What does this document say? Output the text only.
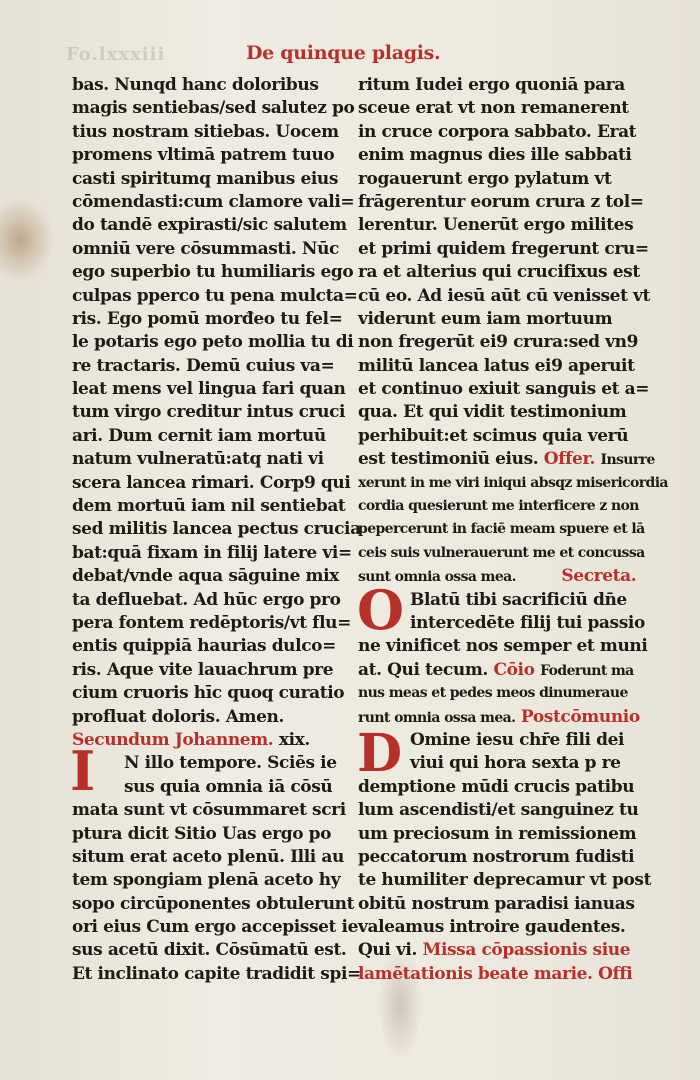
Fo.lxxxiii	De quinque plagis.
bas. Nunqd hanc doloribus
magis sentiebas/sed salutez po
tius nostram sitiebas. Uocem
promens vltimā patrem tuuo
casti spiritumq manibus eius
cōmendasti:cum clamore vali=
do tandē expirasti/sic salutem
omniū vere cōsummasti. Nūc
ego superbio tu humiliaris ego
culpas pperco tu pena mulcta=
ris. Ego pomū morđeo tu fel=
le potaris ego peto mollia tu di
re tractaris. Demū cuius va=
leat mens vel lingua fari quan
tum virgo creditur intus cruci
ari. Dum cernit iam mortuū
natum vulneratū:atq nati vi
scera lancea rimari. Corp9 qui
dem mortuū iam nil sentiebat
sed militis lancea pectus crucia
bat:quā fixam in filij latere vi=
debat/vnde aqua sāguine mix
ta defluebat. Ad hūc ergo pro
pera fontem redēptoris/vt flu=
entis quippiā haurias dulco=
ris. Aque vite lauachrum pre
cium cruoris hīc quoq curatio
profluat doloris. Amen.
Secundum Johannem. xix.
N illo tempore. Sciēs ie
sus quia omnia iā cōsū
mata sunt vt cōsummaret scri
ptura dicit Sitio Uas ergo po
situm erat aceto plenū. Illi au
tem spongiam plenā aceto hy
sopo circūponentes obtulerunt
ori eius Cum ergo accepisset ie
sus acetū dixit. Cōsūmatū est.
Et inclinato capite tradidit spi=
I
ritum Iudei ergo quoniā para
sceue erat vt non remanerent
in cruce corpora sabbato. Erat
enim magnus dies ille sabbati
rogauerunt ergo pylatum vt
frāgerentur eorum crura z tol=
lerentur. Uenerūt ergo milites
et primi quidem fregerunt cru=
ra et alterius qui crucifixus est
cū eo. Ad iesū aūt cū venisset vt
viderunt eum iam mortuum
non fregerūt ei9 crura:sed vn9
militū lancea latus ei9 aperuit
et continuo exiuit sanguis et a=
qua. Et qui vidit testimonium
perhibuit:et scimus quia verū
est testimoniū eius. Offer. Insurre
xerunt in me viri iniqui absqz misericordia
cordia quesierunt me interficere z non
pepercerunt in faciē meam spuere et lā
ceis suis vulnerauerunt me et concussa
sunt omnia ossa mea.	Secreta.
Blatū tibi sacrificiū dn̄e
intercedēte filij tui passio
ne vinificet nos semper et muni
at. Qui tecum. Cōio Foderunt ma
nus meas et pedes meos dinumeraue
runt omnia ossa mea. Postcōmunio
Omine iesu chr̄e fili dei
viui qui hora sexta p re
demptione mūdi crucis patibu
lum ascendisti/et sanguinez tu
um preciosum in remissionem
peccatorum nostrorum fudisti
te humiliter deprecamur vt post
obitū nostrum paradisi ianuas
valeamus introire gaudentes.
Qui vi. Missa cōpassionis siue
lamētationis beate marie. Offi
O
D
